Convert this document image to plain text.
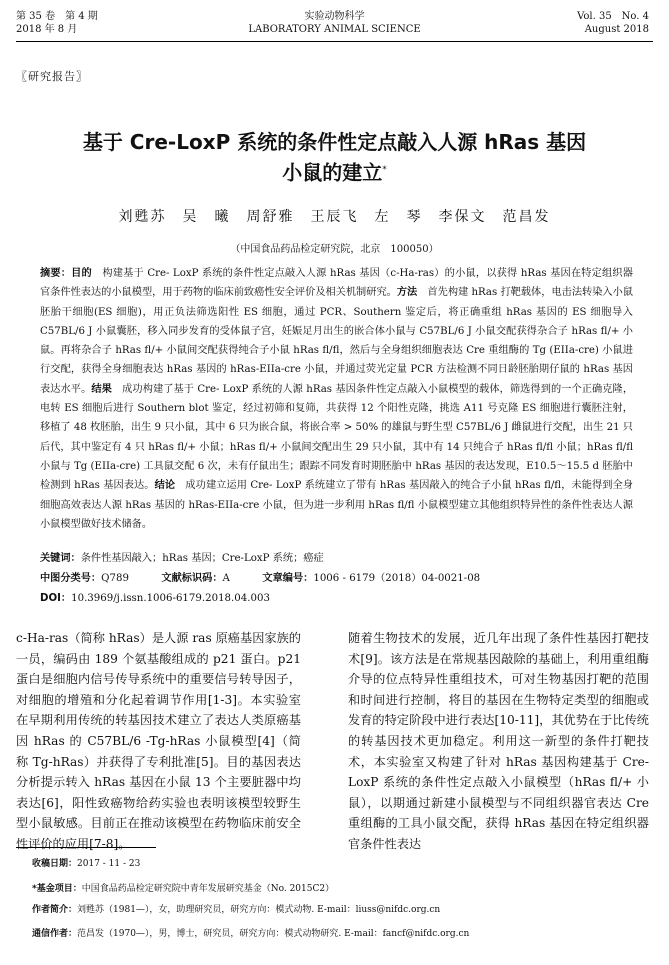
第 35 卷　第 4 期
2018 年 8 月
实验动物科学
LABORATORY ANIMAL SCIENCE
Vol. 35　No. 4
August 2018
〖研究报告〗
基于 Cre-LoxP 系统的条件性定点敲入人源 hRas 基因
小鼠的建立*
刘甦苏　吴　曦　周舒雅　王辰飞　左　琴　李保文　范昌发
（中国食品药品检定研究院，北京　100050）
摘要：目的　构建基于 Cre- LoxP 系统的条件性定点敲入人源 hRas 基因（c-Ha-ras）的小鼠，以获得 hRas 基因在特定组织器官条件性表达的小鼠模型，用于药物的临床前致癌性安全评价及相关机制研究。方法　首先构建 hRas 打靶载体，电击法转染入小鼠胚胎干细胞(ES 细胞)，用正负法筛选阳性 ES 细胞，通过 PCR、Southern 鉴定后，将正确重组 hRas 基因的 ES 细胞导入 C57BL/6 J 小鼠囊胚，移入同步发育的受体鼠子宫，妊娠足月出生的嵌合体小鼠与 C57BL/6 J 小鼠交配获得杂合子 hRas fl/+ 小鼠。再将杂合子 hRas fl/+ 小鼠间交配获得纯合子小鼠 hRas fl/fl，然后与全身组织细胞表达 Cre 重组酶的 Tg (EIIa-cre) 小鼠进行交配，获得全身细胞表达 hRas 基因的 hRas-EIIa-cre 小鼠，并通过荧光定量 PCR 方法检测不同日龄胚胎期仔鼠的 hRas 基因表达水平。结果　成功构建了基于 Cre- LoxP 系统的人源 hRas 基因条件性定点敲入小鼠模型的载体，筛选得到的一个正确克隆，电转 ES 细胞后进行 Southern blot 鉴定，经过初筛和复筛，共获得 12 个阳性克隆，挑选 A11 号克隆 ES 细胞进行囊胚注射，移植了 48 枚胚胎，出生 9 只小鼠，其中 6 只为嵌合鼠，将嵌合率 > 50% 的雄鼠与野生型 C57BL/6 J 雌鼠进行交配，出生 21 只后代，其中鉴定有 4 只 hRas fl/+ 小鼠；hRas fl/+ 小鼠间交配出生 29 只小鼠，其中有 14 只纯合子 hRas fl/fl 小鼠；hRas fl/fl 小鼠与 Tg (EIIa-cre) 工具鼠交配 6 次，未有仔鼠出生；跟踪不同发育时期胚胎中 hRas 基因的表达发现，E10.5～15.5 d 胚胎中检测到 hRas 基因表达。结论　成功建立运用 Cre- LoxP 系统建立了带有 hRas 基因敲入的纯合子小鼠 hRas fl/fl，未能得到全身细胞高效表达人源 hRas 基因的 hRas-EIIa-cre 小鼠，但为进一步利用 hRas fl/fl 小鼠模型建立其他组织特异性的条件性表达人源小鼠模型做好技术储备。
关键词：条件性基因敲入；hRas 基因；Cre-LoxP 系统；癌症
中图分类号：Q789	文献标识码：A	文章编号：1006 - 6179（2018）04-0021-08
DOI：10.3969/j.issn.1006-6179.2018.04.003
c-Ha-ras（简称 hRas）是人源 ras 原癌基因家族的一员，编码由 189 个氨基酸组成的 p21 蛋白。p21 蛋白是细胞内信号传导系统中的重要信号转导因子，对细胞的增殖和分化起着调节作用[1-3]。本实验室在早期利用传统的转基因技术建立了表达人类原癌基因 hRas 的 C57BL/6 -Tg-hRas 小鼠模型[4]（简称 Tg-hRas）并获得了专利批准[5]。目的基因表达分析提示转入 hRas 基因在小鼠 13 个主要脏器中均表达[6]，阳性致癌物给药实验也表明该模型较野生型小鼠敏感。目前正在推动该模型在药物临床前安全性评价的应用[7-8]。
随着生物技术的发展，近几年出现了条件性基因打靶技术[9]。该方法是在常规基因敲除的基础上，利用重组酶介导的位点特异性重组技术，可对生物基因打靶的范围和时间进行控制，将目的基因在生物特定类型的细胞或发育的特定阶段中进行表达[10-11]，其优势在于比传统的转基因技术更加稳定。利用这一新型的条件打靶技术，本实验室又构建了针对 hRas 基因构建基于 Cre-LoxP 系统的条件性定点敲入小鼠模型（hRas fl/+ 小鼠），以期通过新建小鼠模型与不同组织器官表达 Cre 重组酶的工具小鼠交配，获得 hRas 基因在特定组织器官条件性表达
收稿日期：2017 - 11 - 23
*基金项目：中国食品药品检定研究院中青年发展研究基金（No. 2015C2）
作者简介：刘甦苏（1981—），女，助理研究员，研究方向：模式动物. E-mail：liuss@nifdc.org.cn
通信作者：范昌发（1970—），男，博士，研究员，研究方向：模式动物研究. E-mail：fancf@nifdc.org.cn
